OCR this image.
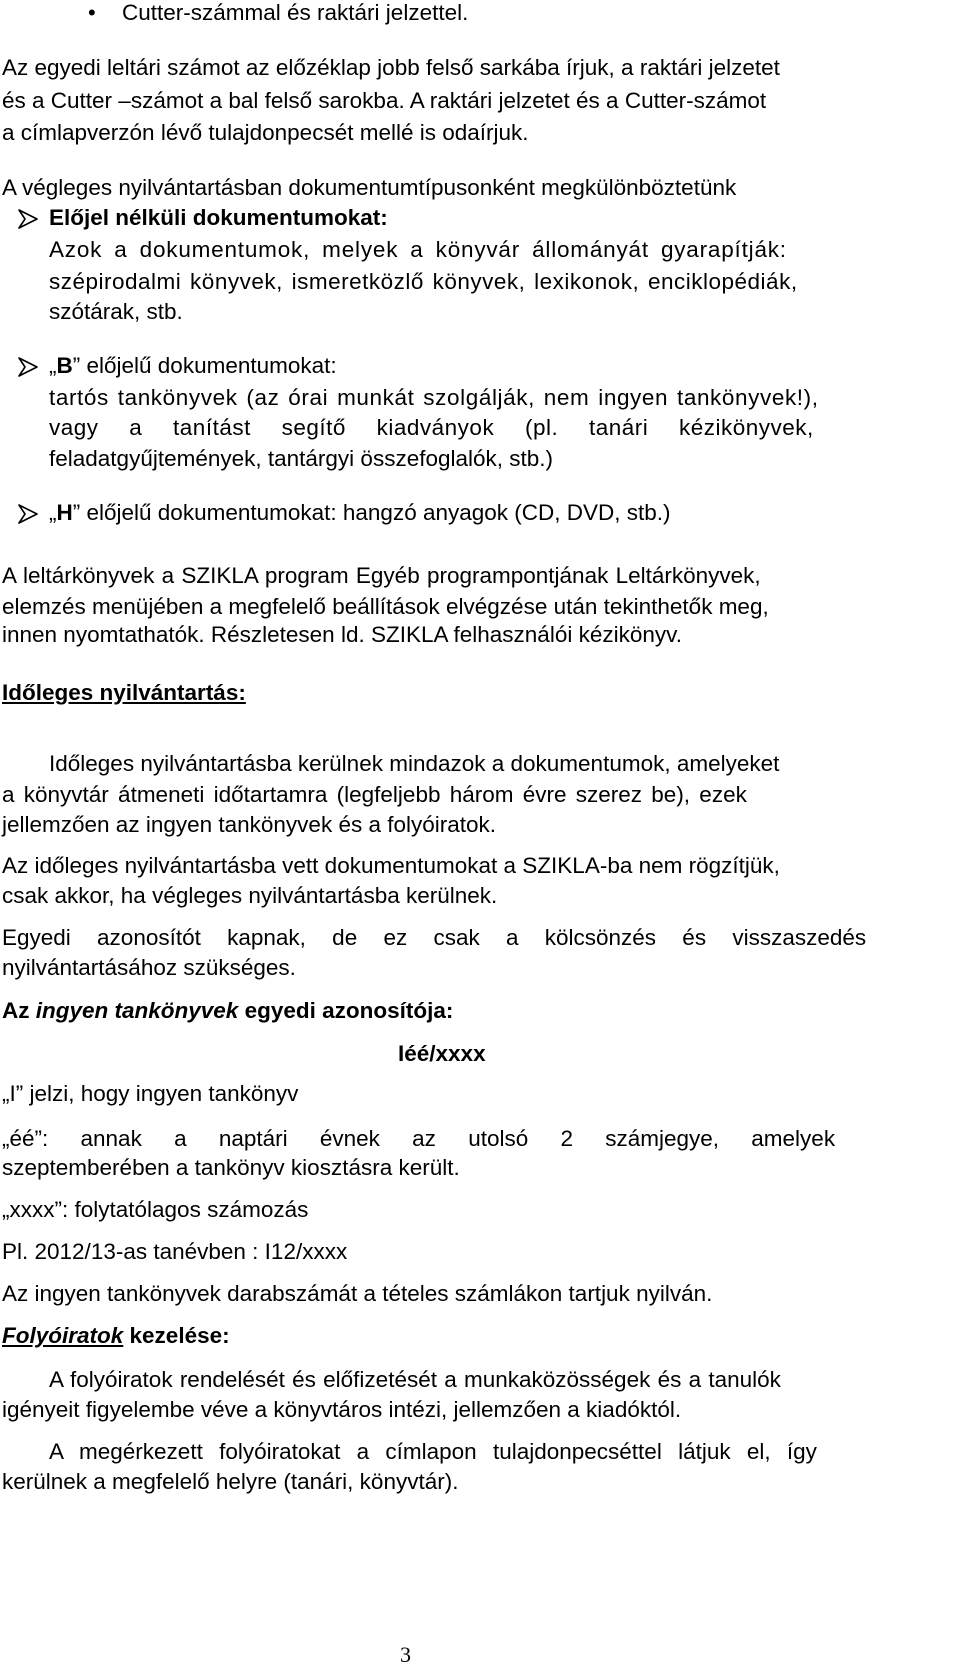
• Cutter-számmal és raktári jelzettel.
Az egyedi leltári számot az előzéklap jobb felső sarkába írjuk, a raktári jelzetet
és a Cutter –számot a bal felső sarokba. A raktári jelzetet és a Cutter-számot
a címlapverzón lévő tulajdonpecsét mellé is odaírjuk.
A végleges nyilvántartásban dokumentumtípusonként megkülönböztetünk
Előjel nélküli dokumentumokat:
Azok a dokumentumok, melyek a könyvár állományát gyarapítják:
szépirodalmi könyvek, ismeretközlő könyvek, lexikonok, enciklopédiák,
szótárak, stb.
„B” előjelű dokumentumokat:
tartós tankönyvek (az órai munkát szolgálják, nem ingyen tankönyvek!),
vagy a tanítást segítő kiadványok (pl. tanári kézikönyvek,
feladatgyűjtemények, tantárgyi összefoglalók, stb.)
„H” előjelű dokumentumokat: hangzó anyagok (CD, DVD, stb.)
A leltárkönyvek a SZIKLA program Egyéb programpontjának Leltárkönyvek,
elemzés menüjében a megfelelő beállítások elvégzése után tekinthetők meg,
innen nyomtathatók. Részletesen ld. SZIKLA felhasználói kézikönyv.
Időleges nyilvántartás:
Időleges nyilvántartásba kerülnek mindazok a dokumentumok, amelyeket
a könyvtár átmeneti időtartamra (legfeljebb három évre szerez be), ezek
jellemzően az ingyen tankönyvek és a folyóiratok.
Az időleges nyilvántartásba vett dokumentumokat a SZIKLA-ba nem rögzítjük,
csak akkor, ha végleges nyilvántartásba kerülnek.
Egyedi azonosítót kapnak, de ez csak a kölcsönzés és visszaszedés
nyilvántartásához szükséges.
Az ingyen tankönyvek egyedi azonosítója:
Iéé/xxxx
„I” jelzi, hogy ingyen tankönyv
„éé”: annak a naptári évnek az utolsó 2 számjegye, amelyek
szeptemberében a tankönyv kiosztásra került.
„xxxx”: folytatólagos számozás
Pl. 2012/13-as tanévben : I12/xxxx
Az ingyen tankönyvek darabszámát a tételes számlákon tartjuk nyilván.
Folyóiratok kezelése:
A folyóiratok rendelését és előfizetését a munkaközösségek és a tanulók
igényeit figyelembe véve a könyvtáros intézi, jellemzően a kiadóktól.
A megérkezett folyóiratokat a címlapon tulajdonpecséttel látjuk el, így
kerülnek a megfelelő helyre (tanári, könyvtár).
3
